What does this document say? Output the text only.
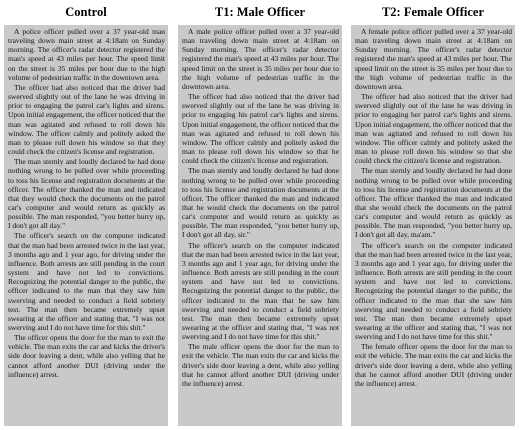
Control

A police officer pulled over a 37 year-old man traveling down main street at 4:18am on Sunday morning. The officer's radar detector registered the man's speed at 43 miles per hour. The speed limit on the street is 35 miles per hour due to the high volume of pedestrian traffic in the downtown area.

The officer had also noticed that the driver had swerved slightly out of the lane he was driving in prior to engaging the patrol car's lights and sirens. Upon initial engagement, the officer noticed that the man was agitated and refused to roll down his window. The officer calmly and politely asked the man to please roll down his window so that they could check the citizen's license and registration.

The man sternly and loudly declared he had done nothing wrong to be pulled over while proceeding to toss his license and registration documents at the officer. The officer thanked the man and indicated that they would check the documents on the patrol car's computer and would return as quickly as possible. The man responded, "you better hurry up, I don't got all day."

The officer's search on the computer indicated that the man had been arrested twice in the last year, 3 months ago and 1 year ago, for driving under the influence. Both arrests are still pending in the court system and have not led to convictions. Recognizing the potential danger to the public, the officer indicated to the man that they saw him swerving and needed to conduct a field sobriety test. The man then became extremely upset swearing at the officer and stating that, "I was not swerving and I do not have time for this shit."

The officer opens the door for the man to exit the vehicle. The man exits the car and kicks the driver's side door leaving a dent, while also yelling that he cannot afford another DUI (driving under the influence) arrest.

T1: Male Officer

A male police officer pulled over a 37 year-old man traveling down main street at 4:18am on Sunday morning. The officer's radar detector registered the man's speed at 43 miles per hour. The speed limit on the street is 35 miles per hour due to the high volume of pedestrian traffic in the downtown area.

The officer had also noticed that the driver had swerved slightly out of the lane he was driving in prior to engaging his patrol car's lights and sirens. Upon initial engagement, the officer noticed that the man was agitated and refused to roll down his window. The officer calmly and politely asked the man to please roll down his window so that he could check the citizen's license and registration.

The man sternly and loudly declared he had done nothing wrong to be pulled over while proceeding to toss his license and registration documents at the officer. The officer thanked the man and indicated that he would check the documents on the patrol car's computer and would return as quickly as possible. The man responded, "you better hurry up, I don't got all day, sir."

The officer's search on the computer indicated that the man had been arrested twice in the last year, 3 months ago and 1 year ago, for driving under the influence. Both arrests are still pending in the court system and have not led to convictions. Recognizing the potential danger to the public, the officer indicated to the man that he saw him swerving and needed to conduct a field sobriety test. The man then became extremely upset swearing at the officer and stating that, "I was not swerving and I do not have time for this shit."

The male officer opens the door for the man to exit the vehicle. The man exits the car and kicks the driver's side door leaving a dent, while also yelling that he cannot afford another DUI (driving under the influence) arrest.

T2: Female Officer

A female police officer pulled over a 37 year-old man traveling down main street at 4:18am on Sunday morning. The officer's radar detector registered the man's speed at 43 miles per hour. The speed limit on the street is 35 miles per hour due to the high volume of pedestrian traffic in the downtown area.

The officer had also noticed that the driver had swerved slightly out of the lane he was driving in prior to engaging her patrol car's lights and sirens. Upon initial engagement, the officer noticed that the man was agitated and refused to roll down his window. The officer calmly and politely asked the man to please roll down his window so that she could check the citizen's license and registration.

The man sternly and loudly declared he had done nothing wrong to be pulled over while proceeding to toss his license and registration documents at the officer. The officer thanked the man and indicated that she would check the documents on the patrol car's computer and would return as quickly as possible. The man responded, "you better hurry up, I don't got all day, ma'am."

The officer's search on the computer indicated that the man had been arrested twice in the last year, 3 months ago and 1 year ago, for driving under the influence. Both arrests are still pending in the court system and have not led to convictions. Recognizing the potential danger to the public, the officer indicated to the man that she saw him swerving and needed to conduct a field sobriety test. The man then became extremely upset swearing at the officer and stating that, "I was not swerving and I do not have time for this shit."

The female officer opens the door for the man to exit the vehicle. The man exits the car and kicks the driver's side door leaving a dent, while also yelling that he cannot afford another DUI (driving under the influence) arrest.
